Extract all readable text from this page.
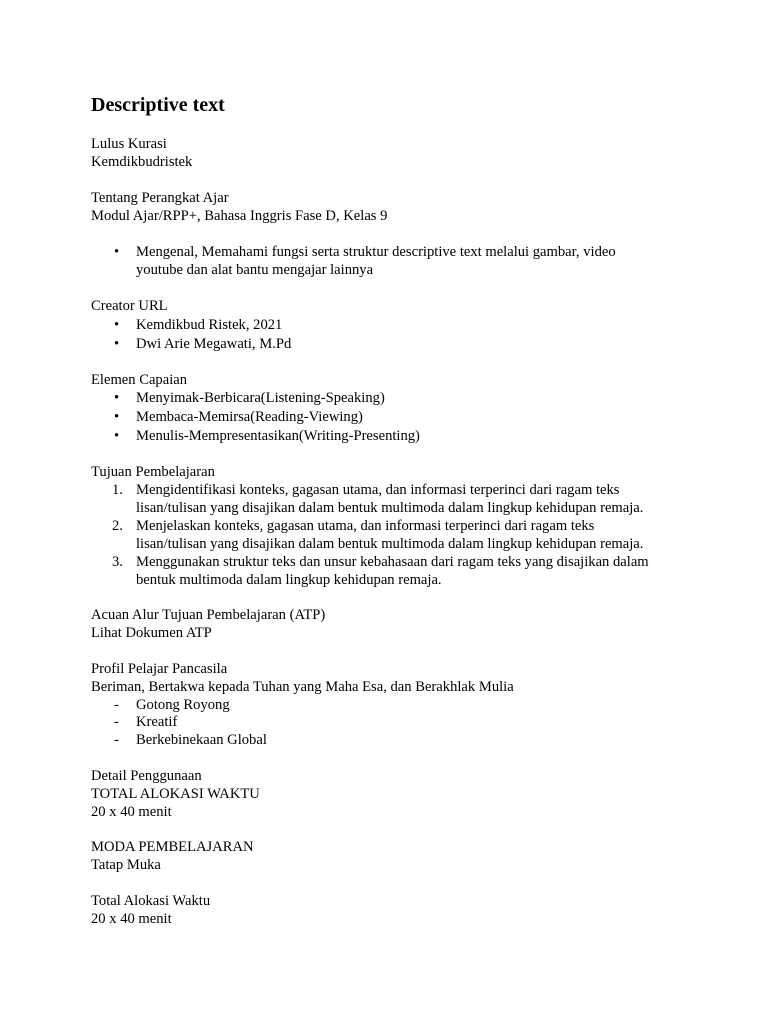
Descriptive text
Lulus Kurasi
Kemdikbudristek
Tentang Perangkat Ajar
Modul Ajar/RPP+, Bahasa Inggris Fase D, Kelas 9
• Mengenal, Memahami fungsi serta struktur descriptive text melalui gambar, video
youtube dan alat bantu mengajar lainnya
Creator URL
• Kemdikbud Ristek, 2021
• Dwi Arie Megawati, M.Pd
Elemen Capaian
• Menyimak-Berbicara(Listening-Speaking)
• Membaca-Memirsa(Reading-Viewing)
• Menulis-Mempresentasikan(Writing-Presenting)
Tujuan Pembelajaran
1. Mengidentifikasi konteks, gagasan utama, dan informasi terperinci dari ragam teks
lisan/tulisan yang disajikan dalam bentuk multimoda dalam lingkup kehidupan remaja.
2. Menjelaskan konteks, gagasan utama, dan informasi terperinci dari ragam teks
lisan/tulisan yang disajikan dalam bentuk multimoda dalam lingkup kehidupan remaja.
3. Menggunakan struktur teks dan unsur kebahasaan dari ragam teks yang disajikan dalam
bentuk multimoda dalam lingkup kehidupan remaja.
Acuan Alur Tujuan Pembelajaran (ATP)
Lihat Dokumen ATP
Profil Pelajar Pancasila
Beriman, Bertakwa kepada Tuhan yang Maha Esa, dan Berakhlak Mulia
- Gotong Royong
- Kreatif
- Berkebinekaan Global
Detail Penggunaan
TOTAL ALOKASI WAKTU
20 x 40 menit
MODA PEMBELAJARAN
Tatap Muka
Total Alokasi Waktu
20 x 40 menit
